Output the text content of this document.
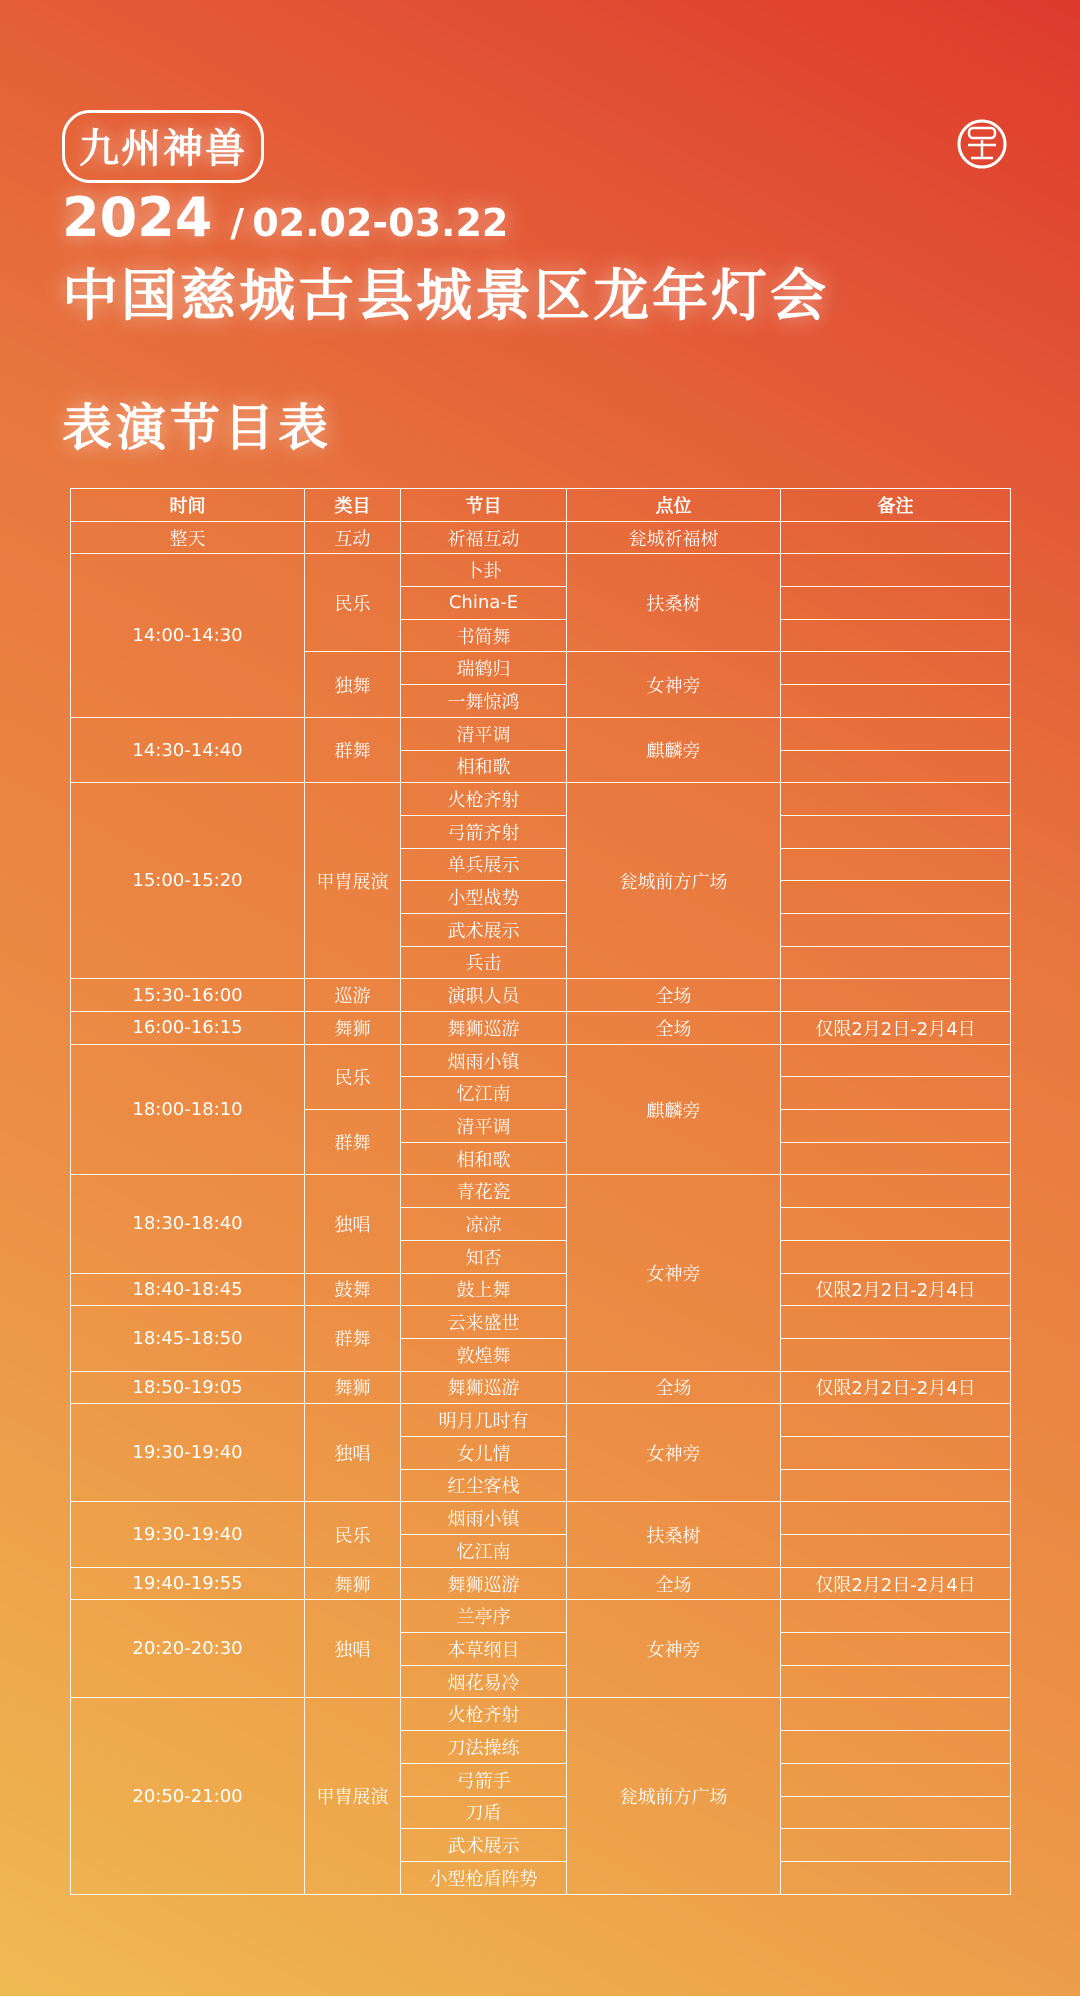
九州神兽
2024 / 02.02-03.22
中国慈城古县城景区龙年灯会
表演节目表
时间	类目	节目	点位	备注
整天	互动	祈福互动	瓮城祈福树	
14:00-14:30	民乐	卜卦	扶桑树	
		China-E		
		书简舞		
	独舞	瑞鹤归	女神旁	
		一舞惊鸿		
14:30-14:40	群舞	清平调	麒麟旁	
		相和歌		
15:00-15:20	甲胄展演	火枪齐射	瓮城前方广场	
		弓箭齐射		
		单兵展示		
		小型战势		
		武术展示		
		兵击		
15:30-16:00	巡游	演职人员	全场	
16:00-16:15	舞狮	舞狮巡游	全场	仅限2月2日-2月4日
18:00-18:10	民乐	烟雨小镇	麒麟旁	
		忆江南		
	群舞	清平调		
		相和歌		
18:30-18:40	独唱	青花瓷	女神旁	
		凉凉		
		知否		
18:40-18:45	鼓舞	鼓上舞		仅限2月2日-2月4日
18:45-18:50	群舞	云来盛世		
		敦煌舞		
18:50-19:05	舞狮	舞狮巡游	全场	仅限2月2日-2月4日
19:30-19:40	独唱	明月几时有	女神旁	
		女儿情		
		红尘客栈		
19:30-19:40	民乐	烟雨小镇	扶桑树	
		忆江南		
19:40-19:55	舞狮	舞狮巡游	全场	仅限2月2日-2月4日
20:20-20:30	独唱	兰亭序	女神旁	
		本草纲目		
		烟花易冷		
20:50-21:00	甲胄展演	火枪齐射	瓮城前方广场	
		刀法操练		
		弓箭手		
		刀盾		
		武术展示		
		小型枪盾阵势		
